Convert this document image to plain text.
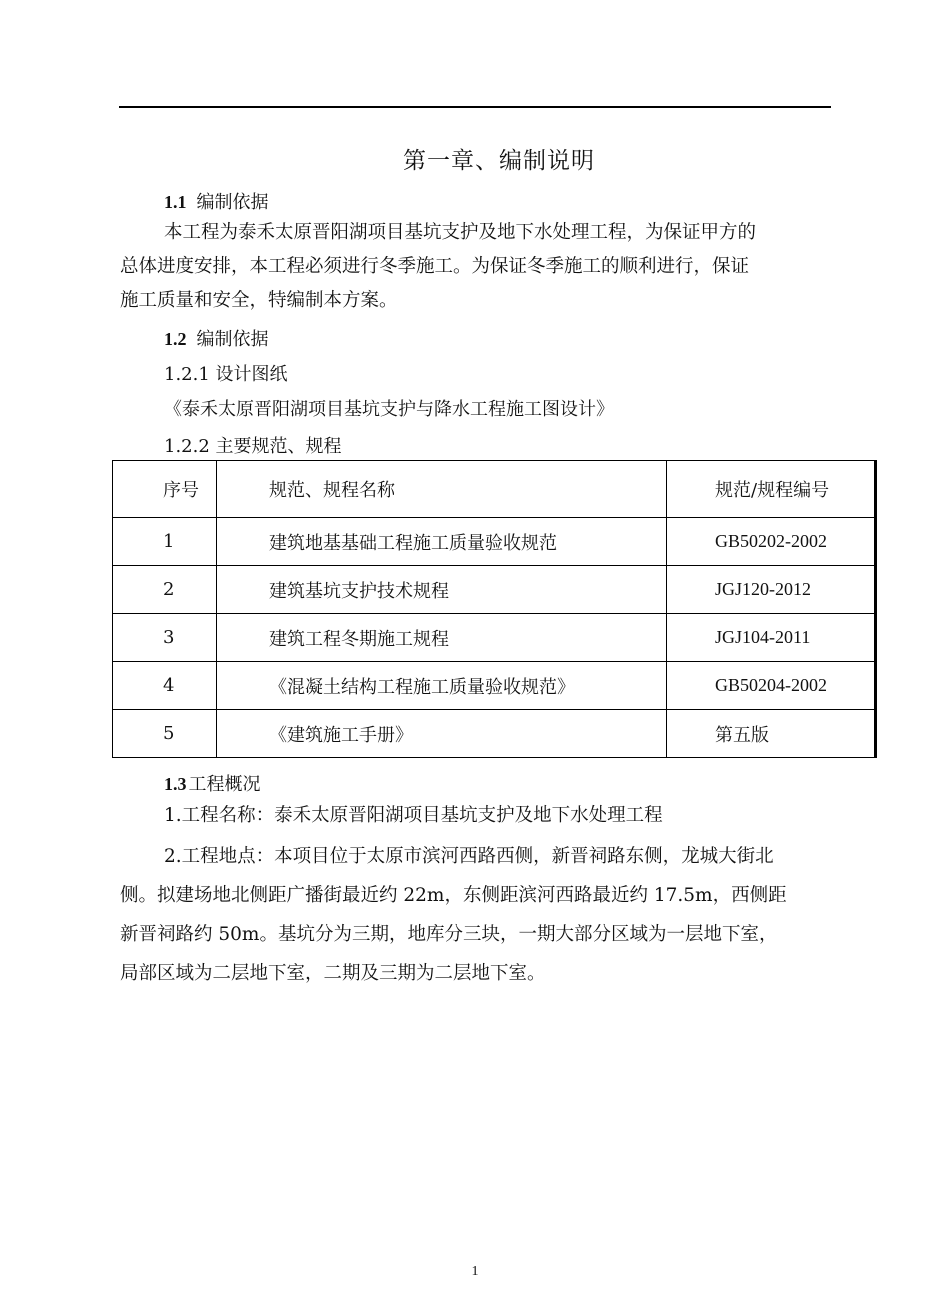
第一章、编制说明
1.1 编制依据
本工程为泰禾太原晋阳湖项目基坑支护及地下水处理工程，为保证甲方的
总体进度安排，本工程必须进行冬季施工。为保证冬季施工的顺利进行，保证
施工质量和安全，特编制本方案。
1.2 编制依据
1.2.1 设计图纸
《泰禾太原晋阳湖项目基坑支护与降水工程施工图设计》
1.2.2 主要规范、规程
序号	规范、规程名称	规范/规程编号
1	建筑地基基础工程施工质量验收规范	GB50202-2002
2	建筑基坑支护技术规程	JGJ120-2012
3	建筑工程冬期施工规程	JGJ104-2011
4	《混凝土结构工程施工质量验收规范》	GB50204-2002
5	《建筑施工手册》	第五版
1.3 工程概况
1.工程名称：泰禾太原晋阳湖项目基坑支护及地下水处理工程
2.工程地点：本项目位于太原市滨河西路西侧，新晋祠路东侧，龙城大街北
侧。拟建场地北侧距广播街最近约 22m，东侧距滨河西路最近约 17.5m，西侧距
新晋祠路约 50m。基坑分为三期，地库分三块，一期大部分区域为一层地下室，
局部区域为二层地下室，二期及三期为二层地下室。
1
